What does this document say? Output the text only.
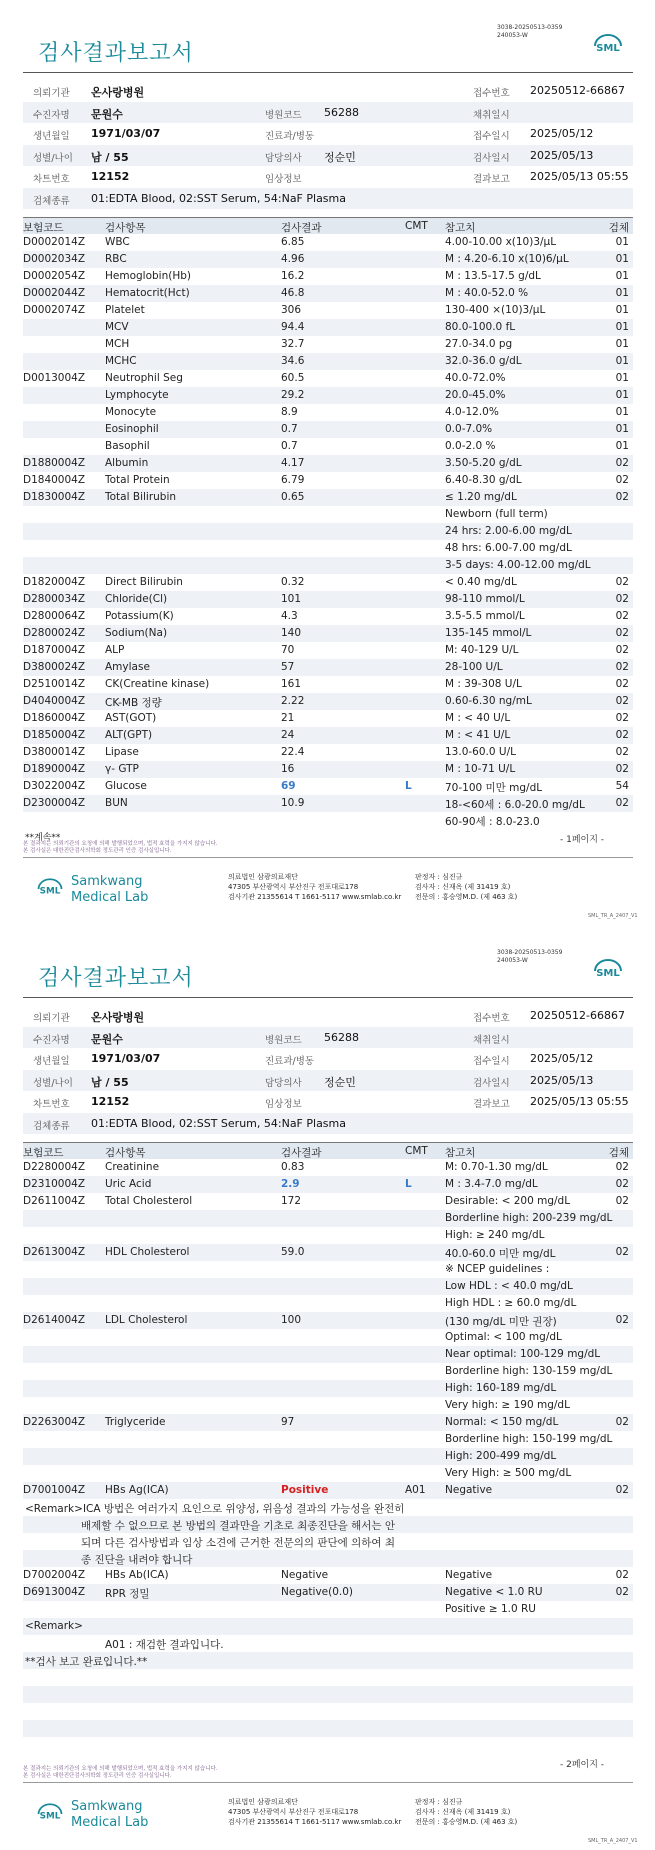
검사결과보고서
3038-20250513-0359
240053-W
SML
의뢰기관 온사랑병원	접수번호 20250512-66867
수진자명 문원수	병원코드 56288	채취일시
생년월일 1971/03/07	진료과/병동	접수일시 2025/05/12
성별/나이 남 / 55	담당의사 정순민	검사일시 2025/05/13
차트번호 12152	임상정보	결과보고 2025/05/13 05:55
검체종류 01:EDTA Blood, 02:SST Serum, 54:NaF Plasma
보험코드	검사항목	검사결과	CMT 참고치	검체
D0002014Z WBC	6.85	4.00-10.00 x(10)3/μL	01
D0002034Z RBC	4.96	M : 4.20-6.10 x(10)6/μL	01
D0002054Z Hemoglobin(Hb)	16.2	M : 13.5-17.5 g/dL	01
D0002044Z Hematocrit(Hct)	46.8	M : 40.0-52.0 %	01
D0002074Z Platelet	306	130-400 ×(10)3/μL	01
MCV	94.4	80.0-100.0 fL	01
MCH	32.7	27.0-34.0 pg	01
MCHC	34.6	32.0-36.0 g/dL	01
D0013004Z Neutrophil Seg	60.5	40.0-72.0%	01
Lymphocyte	29.2	20.0-45.0%	01
Monocyte	8.9	4.0-12.0%	01
Eosinophil	0.7	0.0-7.0%	01
Basophil	0.7	0.0-2.0 %	01
D1880004Z Albumin	4.17	3.50-5.20 g/dL	02
D1840004Z Total Protein	6.79	6.40-8.30 g/dL	02
D1830004Z Total Bilirubin	0.65	≤ 1.20 mg/dL	02
Newborn (full term)
24 hrs: 2.00-6.00 mg/dL
48 hrs: 6.00-7.00 mg/dL
3-5 days: 4.00-12.00 mg/dL
D1820004Z Direct Bilirubin	0.32	< 0.40 mg/dL	02
D2800034Z Chloride(Cl)	101	98-110 mmol/L	02
D2800064Z Potassium(K)	4.3	3.5-5.5 mmol/L	02
D2800024Z Sodium(Na)	140	135-145 mmol/L	02
D1870004Z ALP	70	M: 40-129 U/L	02
D3800024Z Amylase	57	28-100 U/L	02
D2510014Z CK(Creatine kinase)	161	M : 39-308 U/L	02
D4040004Z CK-MB 정량	2.22	0.60-6.30 ng/mL	02
D1860004Z AST(GOT)	21	M : < 40 U/L	02
D1850004Z ALT(GPT)	24	M : < 41 U/L	02
D3800014Z Lipase	22.4	13.0-60.0 U/L	02
D1890004Z γ- GTP	16	M : 10-71 U/L	02
D3022004Z Glucose	69	L	70-100 미만 mg/dL	54
D2300004Z BUN	10.9	18-<60세 : 6.0-20.0 mg/dL	02
60-90세 : 8.0-23.0
**계속**
본 결과지는 의뢰기관의 요청에 의해 발행되었으며, 법적 효력을 가지지 않습니다.
본 검사실은 대한진단검사의학회 정도관리 인증 검사실입니다.
- 1페이지 -
SML
Samkwang
Medical Lab
의료법인 삼광의료재단
47305 부산광역시 부산진구 전포대로178
검사기관 21355614 T 1661-5117 www.smlab.co.kr
판정자 : 심진규
검사자 : 신재옥 (제 31419 호)
전문의 : 홍승영M.D. (제 463 호)
SML_TR_A_2407_V1
검사결과보고서
3038-20250513-0359
240053-W
SML
의뢰기관 온사랑병원	접수번호 20250512-66867
수진자명 문원수	병원코드 56288	채취일시
생년월일 1971/03/07	진료과/병동	접수일시 2025/05/12
성별/나이 남 / 55	담당의사 정순민	검사일시 2025/05/13
차트번호 12152	임상정보	결과보고 2025/05/13 05:55
검체종류 01:EDTA Blood, 02:SST Serum, 54:NaF Plasma
보험코드	검사항목	검사결과	CMT 참고치	검체
D2280004Z Creatinine	0.83	M: 0.70-1.30 mg/dL	02
D2310004Z Uric Acid	2.9	L	M : 3.4-7.0 mg/dL	02
D2611004Z Total Cholesterol	172	Desirable: < 200 mg/dL	02
Borderline high: 200-239 mg/dL
High: ≥ 240 mg/dL
D2613004Z HDL Cholesterol	59.0	40.0-60.0 미만 mg/dL	02
※ NCEP guidelines :
Low HDL : < 40.0 mg/dL
High HDL : ≥ 60.0 mg/dL
D2614004Z LDL Cholesterol	100	(130 mg/dL 미만 권장)	02
Optimal: < 100 mg/dL
Near optimal: 100-129 mg/dL
Borderline high: 130-159 mg/dL
High: 160-189 mg/dL
Very high: ≥ 190 mg/dL
D2263004Z Triglyceride	97	Normal: < 150 mg/dL	02
Borderline high: 150-199 mg/dL
High: 200-499 mg/dL
Very High: ≥ 500 mg/dL
D7001004Z HBs Ag(ICA)	Positive	A01 Negative	02
<Remark>ICA 방법은 여러가지 요인으로 위양성, 위음성 결과의 가능성을 완전히
배제할 수 없으므로 본 방법의 결과만을 기초로 최종진단을 해서는 안
되며 다른 검사방법과 임상 소견에 근거한 전문의의 판단에 의하여 최
종 진단을 내려야 합니다
D7002004Z HBs Ab(ICA)	Negative	Negative	02
D6913004Z RPR 정밀	Negative(0.0)	Negative < 1.0 RU	02
Positive ≥ 1.0 RU
<Remark>
A01 : 재검한 결과입니다.
**검사 보고 완료입니다.**
본 결과지는 의뢰기관의 요청에 의해 발행되었으며, 법적 효력을 가지지 않습니다.
본 검사실은 대한진단검사의학회 정도관리 인증 검사실입니다.
- 2페이지 -
SML
Samkwang
Medical Lab
의료법인 삼광의료재단
47305 부산광역시 부산진구 전포대로178
검사기관 21355614 T 1661-5117 www.smlab.co.kr
판정자 : 심진규
검사자 : 신재옥 (제 31419 호)
전문의 : 홍승영M.D. (제 463 호)
SML_TR_A_2407_V1
